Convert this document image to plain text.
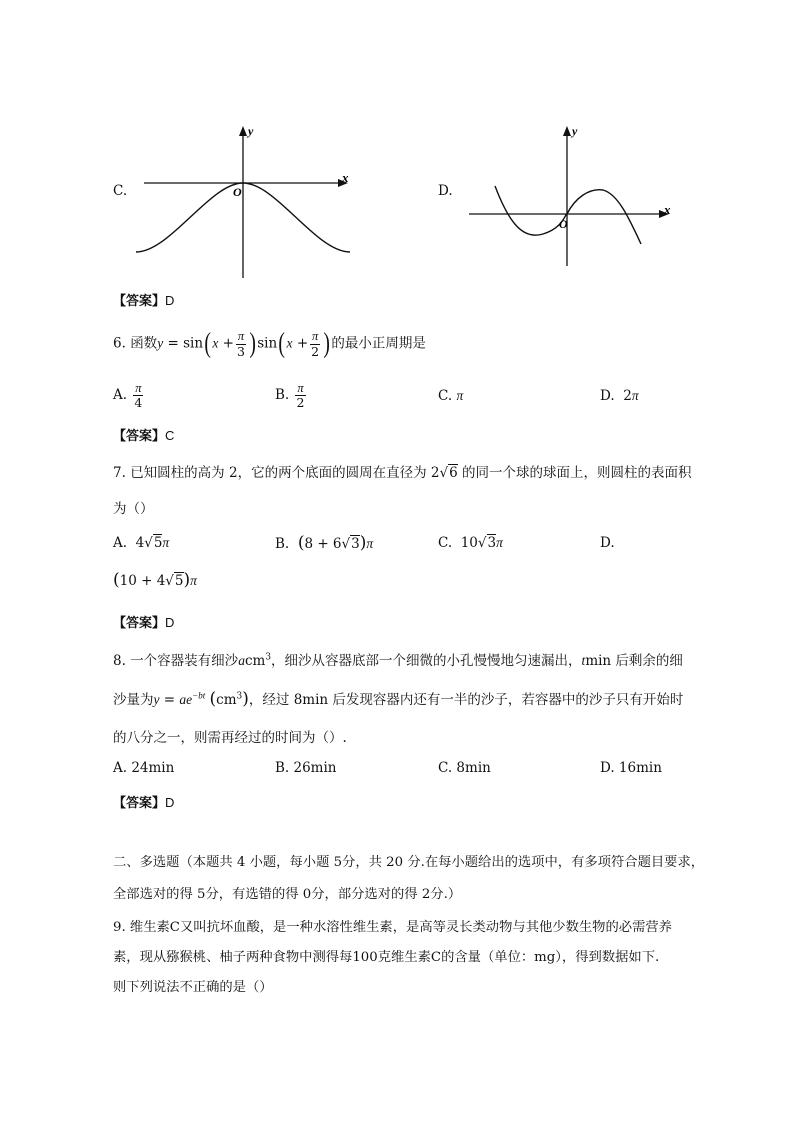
C.
x
y
O	D.
x
y
O
【答案】D
6. 函数$y = \sin(x + \frac{\pi}{3} )\sin(x + \frac{\pi}{2}$ )的最小正周期是
A. $\frac{\pi}{4}$	B. $\frac{\pi}{2}$	C. π	D.  2π
【答案】C
7. 已知圆柱的高为 2，它的两个底面的圆周在直径为 2√6 的同一个球的球面上，则圆柱的表面积
为（）
A.  4√5π	B. (8 + 6√3)π	C.  10√3π	D.
(10 + 4√5)π
【答案】D
8. 一个容器装有细沙acm$^3$，细沙从容器底部一个细微的小孔慢慢地匀速漏出，tmin 后剩余的细
沙量为$y = ae^{-bt}$ $(cm^3)$，经过 8min 后发现容器内还有一半的沙子，若容器中的沙子只有开始时
的八分之一，则需再经过的时间为（）.
A. 24min	B. 26min	C. 8min	D. 16min
【答案】D
二、多选题（本题共 4 小题，每小题 5分，共 20 分.在每小题给出的选项中，有多项符合题目要求，
全部选对的得 5分，有选错的得 0分，部分选对的得 2分.）
9. 维生素C又叫抗坏血酸，是一种水溶性维生素，是高等灵长类动物与其他少数生物的必需营养
素，现从猕猴桃、柚子两种食物中测得每100克维生素C的含量（单位：mg），得到数据如下.
则下列说法不正确的是（）
